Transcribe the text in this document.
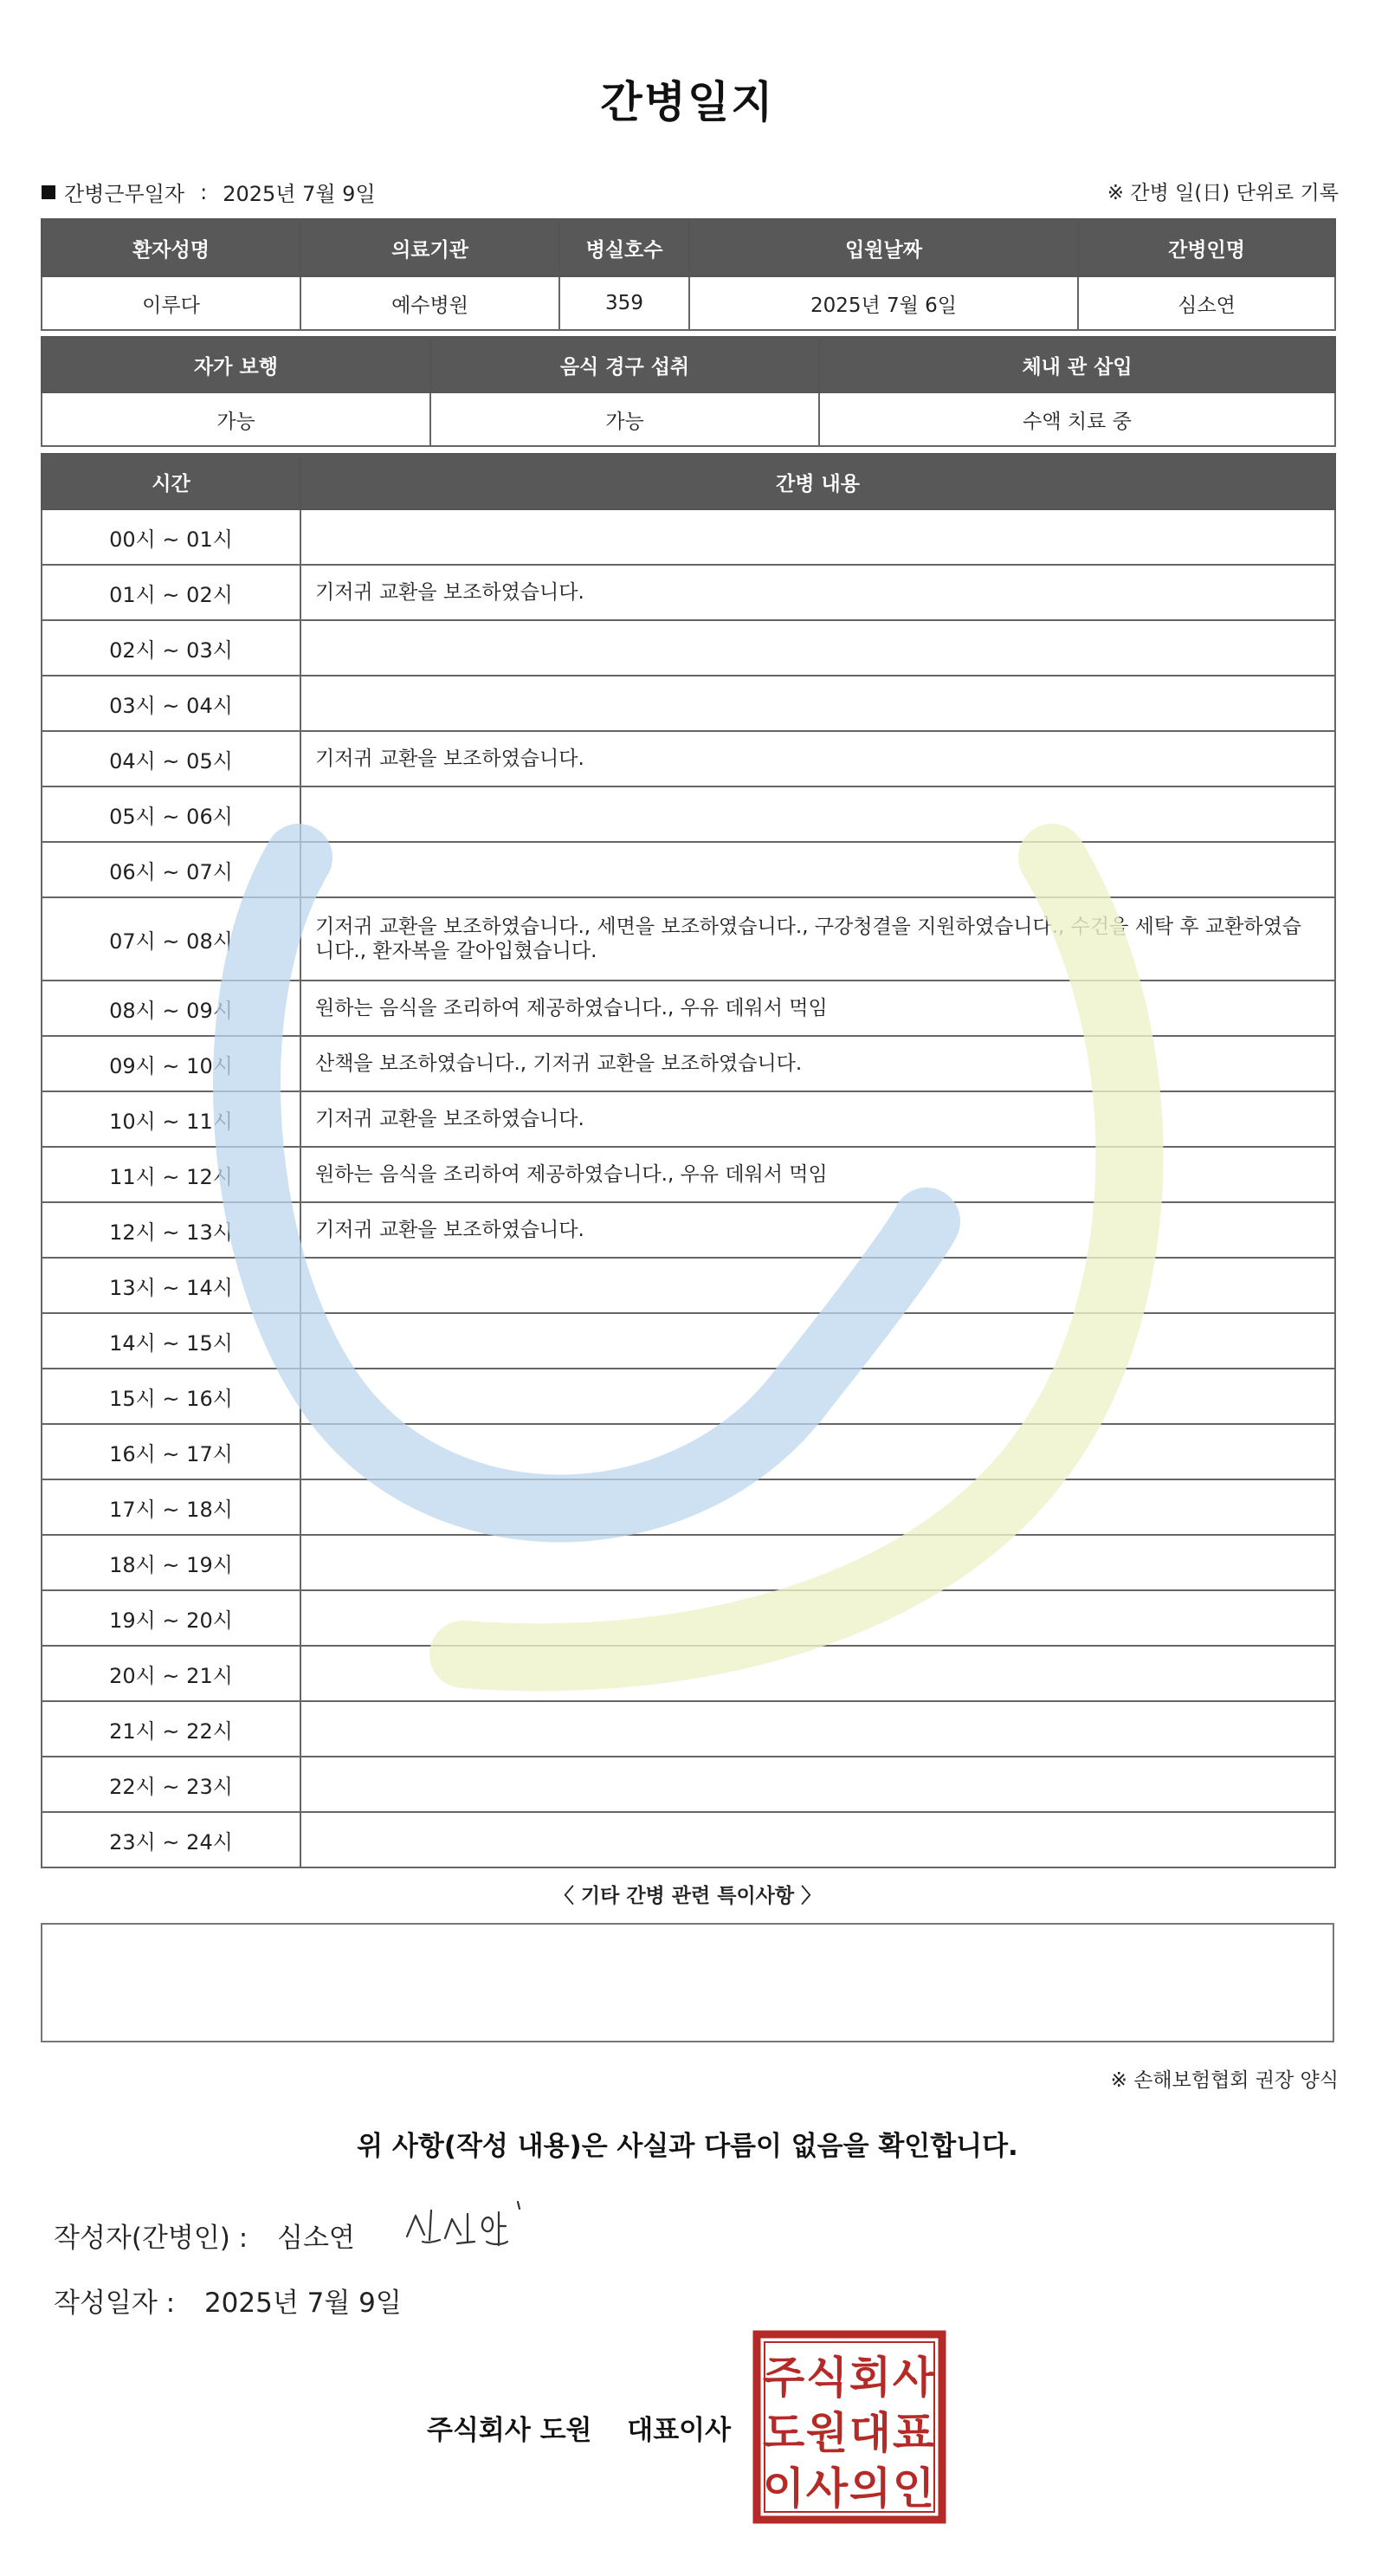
간병일지
간병근무일자 : 2025년 7월 9일	※ 간병 일(日) 단위로 기록
환자성명	의료기관	병실호수	입원날짜	간병인명
이루다	예수병원	359	2025년 7월 6일	심소연
자가 보행	음식 경구 섭취	체내 관 삽입
가능	가능	수액 치료 중
시간	간병 내용
00시 ~ 01시	
01시 ~ 02시	기저귀 교환을 보조하였습니다.
02시 ~ 03시	
03시 ~ 04시	
04시 ~ 05시	기저귀 교환을 보조하였습니다.
05시 ~ 06시	
06시 ~ 07시	
07시 ~ 08시	기저귀 교환을 보조하였습니다., 세면을 보조하였습니다., 구강청결을 지원하였습니다., 수건을 세탁 후 교환하였습니다., 환자복을 갈아입혔습니다.
08시 ~ 09시	원하는 음식을 조리하여 제공하였습니다., 우유 데워서 먹임
09시 ~ 10시	산책을 보조하였습니다., 기저귀 교환을 보조하였습니다.
10시 ~ 11시	기저귀 교환을 보조하였습니다.
11시 ~ 12시	원하는 음식을 조리하여 제공하였습니다., 우유 데워서 먹임
12시 ~ 13시	기저귀 교환을 보조하였습니다.
13시 ~ 14시	
14시 ~ 15시	
15시 ~ 16시	
16시 ~ 17시	
17시 ~ 18시	
18시 ~ 19시	
19시 ~ 20시	
20시 ~ 21시	
21시 ~ 22시	
22시 ~ 23시	
23시 ~ 24시	
〈 기타 간병 관련 특이사항 〉
※ 손해보험협회 권장 양식
위 사항(작성 내용)은 사실과 다름이 없음을 확인합니다.
작성자(간병인) : 심소연
작성일자 : 2025년 7월 9일
주식회사 도원 대표이사
주 식 회 사
도 원 대 표
이 사 의 인
